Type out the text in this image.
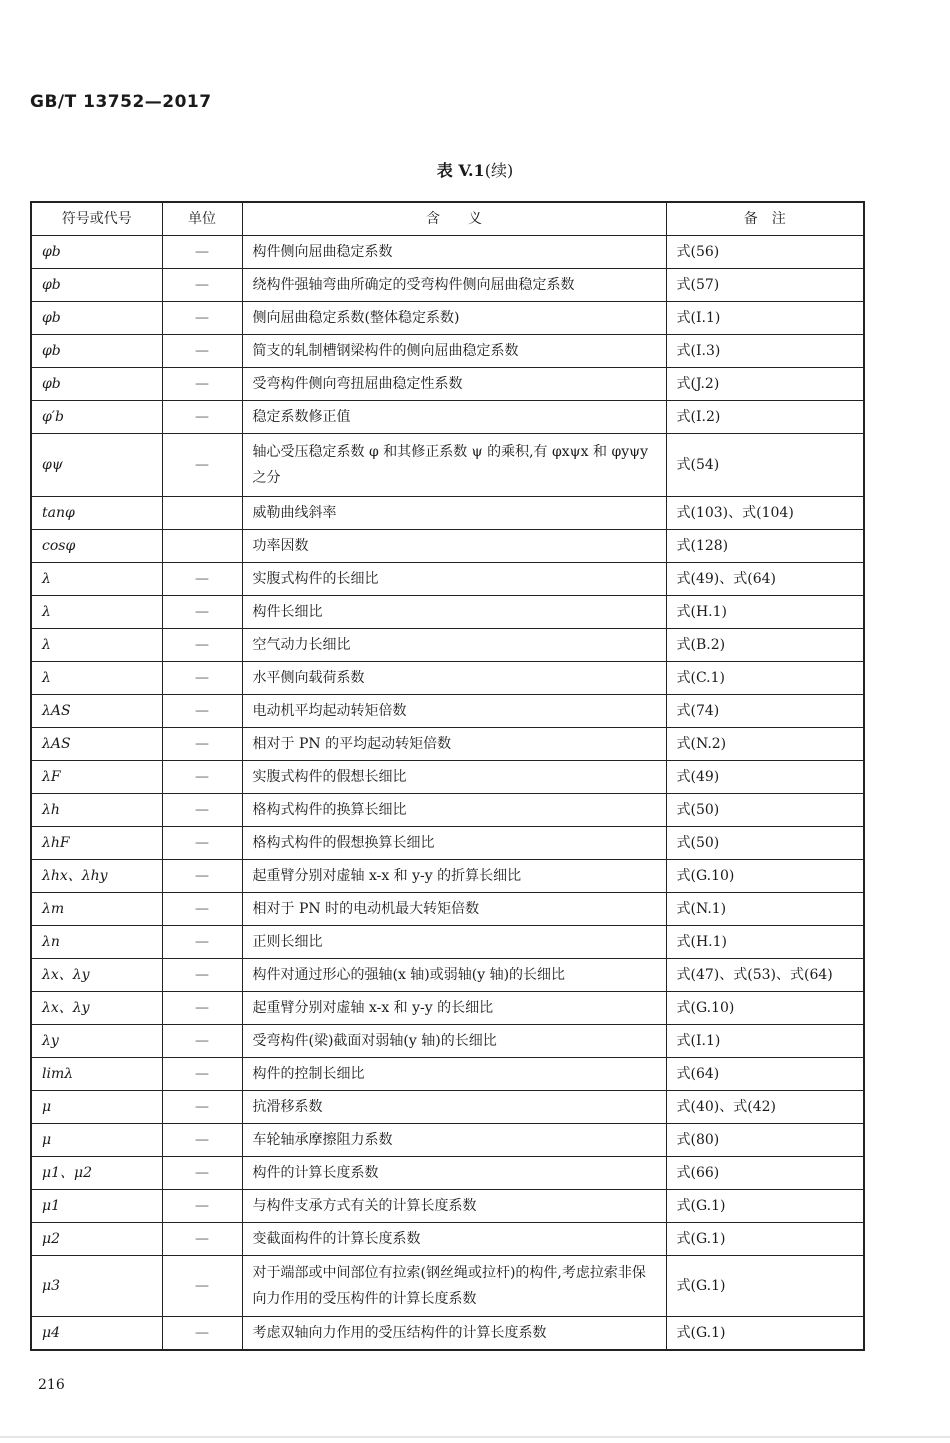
GB/T 13752—2017
表 V.1(续)
符号或代号	单位	含　　义	备　注
φb	—	构件侧向屈曲稳定系数	式(56)
φb	—	绕构件强轴弯曲所确定的受弯构件侧向屈曲稳定系数	式(57)
φb	—	侧向屈曲稳定系数(整体稳定系数)	式(I.1)
φb	—	简支的轧制槽钢梁构件的侧向屈曲稳定系数	式(I.3)
φb	—	受弯构件侧向弯扭屈曲稳定性系数	式(J.2)
φ′b	—	稳定系数修正值	式(I.2)
φψ	—	轴心受压稳定系数 φ 和其修正系数 ψ 的乘积,有 φxψx 和 φyψy 之分	式(54)
tanφ		威勒曲线斜率	式(103)、式(104)
cosφ		功率因数	式(128)
λ	—	实腹式构件的长细比	式(49)、式(64)
λ	—	构件长细比	式(H.1)
λ	—	空气动力长细比	式(B.2)
λ	—	水平侧向载荷系数	式(C.1)
λAS	—	电动机平均起动转矩倍数	式(74)
λAS	—	相对于 PN 的平均起动转矩倍数	式(N.2)
λF	—	实腹式构件的假想长细比	式(49)
λh	—	格构式构件的换算长细比	式(50)
λhF	—	格构式构件的假想换算长细比	式(50)
λhx、λhy	—	起重臂分别对虚轴 x-x 和 y-y 的折算长细比	式(G.10)
λm	—	相对于 PN 时的电动机最大转矩倍数	式(N.1)
λn	—	正则长细比	式(H.1)
λx、λy	—	构件对通过形心的强轴(x 轴)或弱轴(y 轴)的长细比	式(47)、式(53)、式(64)
λx、λy	—	起重臂分别对虚轴 x-x 和 y-y 的长细比	式(G.10)
λy	—	受弯构件(梁)截面对弱轴(y 轴)的长细比	式(I.1)
limλ	—	构件的控制长细比	式(64)
μ	—	抗滑移系数	式(40)、式(42)
μ	—	车轮轴承摩擦阻力系数	式(80)
μ1、μ2	—	构件的计算长度系数	式(66)
μ1	—	与构件支承方式有关的计算长度系数	式(G.1)
μ2	—	变截面构件的计算长度系数	式(G.1)
μ3	—	对于端部或中间部位有拉索(钢丝绳或拉杆)的构件,考虑拉索非保向力作用的受压构件的计算长度系数	式(G.1)
μ4	—	考虑双轴向力作用的受压结构件的计算长度系数	式(G.1)
216
